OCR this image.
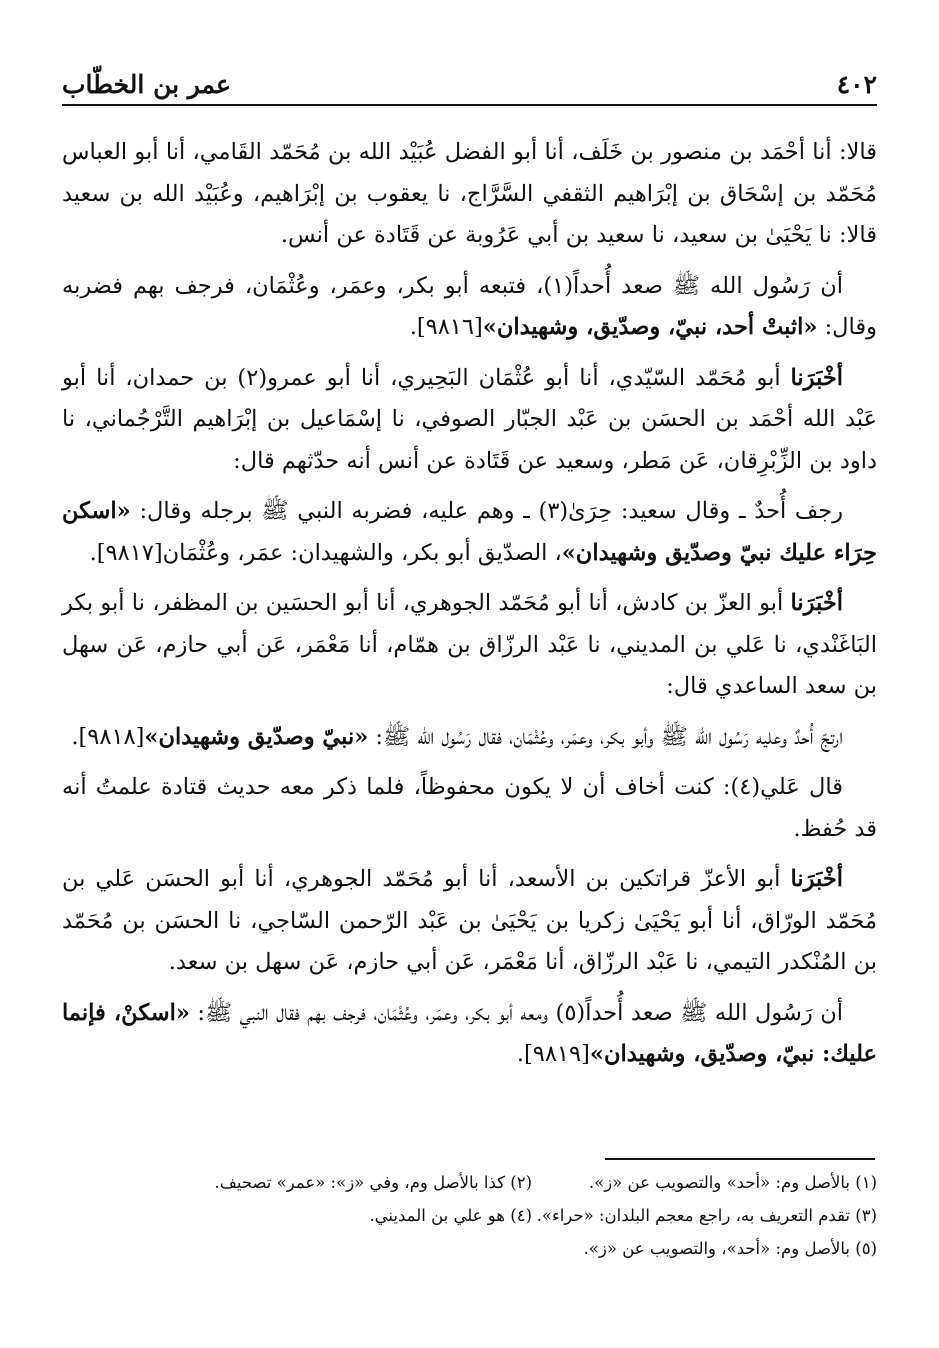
٤٠٢
عمر بن الخطّاب

قالا: أنا أحْمَد بن منصور بن خَلَف، أنا أبو الفضل عُبَيْد الله بن مُحَمّد القَامي، أنا أبو العباس مُحَمّد بن إسْحَاق بن إبْرَاهيم الثقفي السَّرَّاج، نا يعقوب بن إبْرَاهيم، وعُبَيْد الله بن سعيد قالا: نا يَحْيَىٰ بن سعيد، نا سعيد بن أبي عَرُوبة عن قَتَادة عن أنس.

أن رَسُول الله ﷺ صعد أُحداً(١)، فتبعه أبو بكر، وعمَر، وعُثْمَان، فرجف بهم فضربه وقال: «اثبتْ أحد، نبيّ، وصدّيق، وشهيدان»[٩٨١٦].

أخْبَرَنا أبو مُحَمّد السّيّدي، أنا أبو عُثْمَان البَحِيري، أنا أبو عمرو(٢) بن حمدان، أنا أبو عَبْد الله أحْمَد بن الحسَن بن عَبْد الجبّار الصوفي، نا إسْمَاعيل بن إبْرَاهيم التَّرْجُماني، نا داود بن الزِّبْرِقان، عَن مَطر، وسعيد عن قَتَادة عن أنس أنه حدّثهم قال:

رجف أُحدٌ ـ وقال سعيد: حِرَىٰ(٣) ـ وهم عليه، فضربه النبي ﷺ برجله وقال: «اسكن حِرَاء عليك نبيّ وصدّيق وشهيدان»، الصدّيق أبو بكر، والشهيدان: عمَر، وعُثْمَان[٩٨١٧].

أخْبَرَنا أبو العزّ بن كادش، أنا أبو مُحَمّد الجوهري، أنا أبو الحسَين بن المظفر، نا أبو بكر البَاغَنْدي، نا عَلي بن المديني، نا عَبْد الرزّاق بن همّام، أنا مَعْمَر، عَن أبي حازم، عَن سهل بن سعد الساعدي قال:

ارتجّ أُحدٌ وعليه رَسُول الله ﷺ وأبو بكر، وعمَر، وعُثْمَان، فقال رَسُول الله ﷺ: «نبيّ وصدّيق وشهيدان»[٩٨١٨].

قال عَلي(٤): كنت أخاف أن لا يكون محفوظاً، فلما ذكر معه حديث قتادة علمتُ أنه قد حُفظ.

أخْبَرَنا أبو الأعزّ قراتكين بن الأسعد، أنا أبو مُحَمّد الجوهري، أنا أبو الحسَن عَلي بن مُحَمّد الورّاق، أنا أبو يَحْيَىٰ زكريا بن يَحْيَىٰ بن عَبْد الرّحمن السّاجي، نا الحسَن بن مُحَمّد بن المُنْكدر التيمي، نا عَبْد الرزّاق، أنا مَعْمَر، عَن أبي حازم، عَن سهل بن سعد.

أن رَسُول الله ﷺ صعد أُحداً(٥) ومعه أبو بكر، وعمَر، وعُثْمَان، فرجف بهم فقال النبي ﷺ: «اسكنْ، فإنما عليك: نبيّ، وصدّيق، وشهيدان»[٩٨١٩].

(١) بالأصل وم: «أحد» والتصويب عن «ز».
(٢) كذا بالأصل وم، وفي «ز»: «عمر» تصحيف.
(٣) تقدم التعريف به، راجع معجم البلدان: «حراء».
(٤) هو علي بن المديني.
(٥) بالأصل وم: «أحد»، والتصويب عن «ز».
